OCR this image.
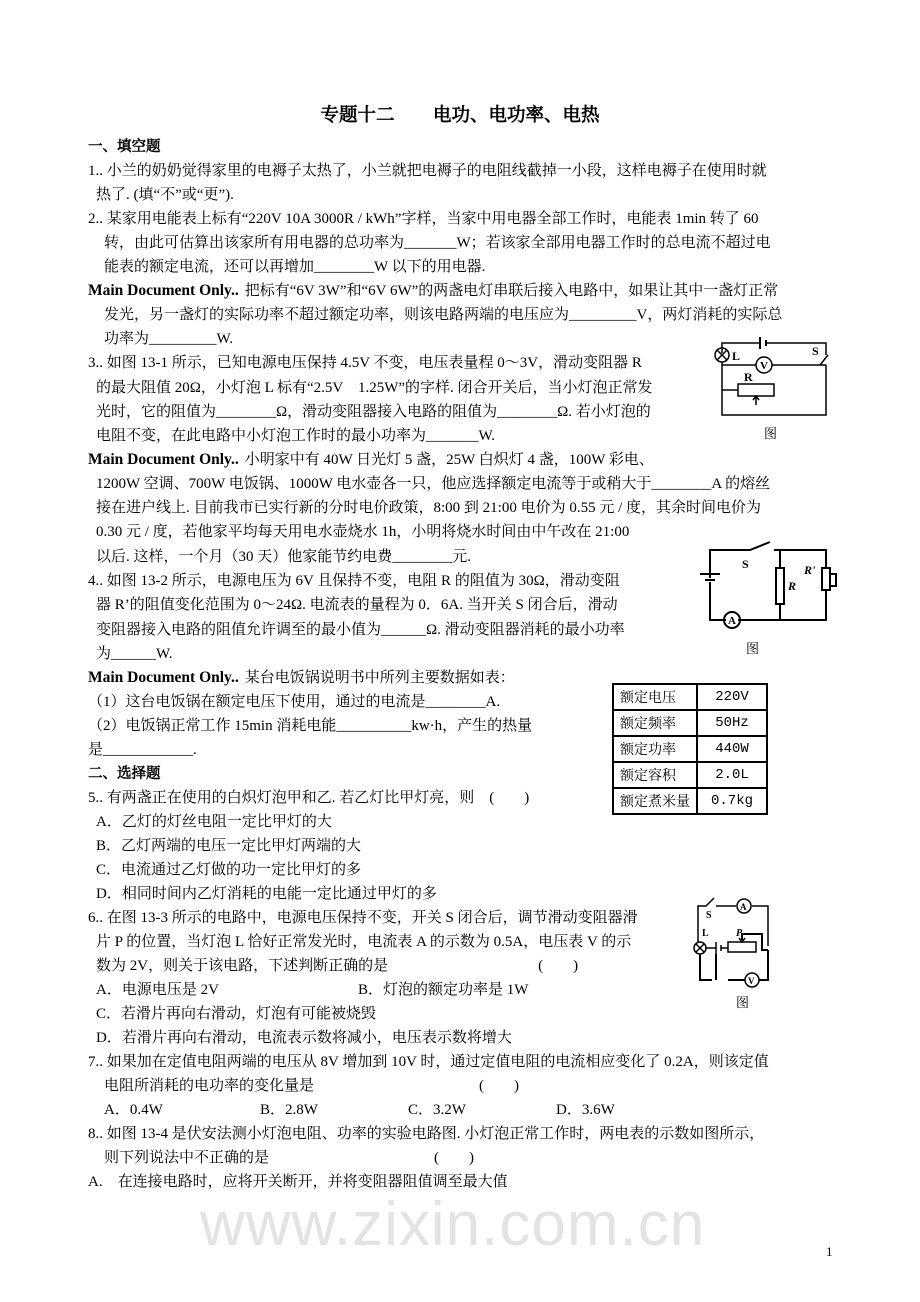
www.zixin.com.cn
专题十二 电功、电功率、电热
一、填空题
1.. 小兰的奶奶觉得家里的电褥子太热了，小兰就把电褥子的电阻线截掉一小段，这样电褥子在使用时就
热了. (填“不”或“更”).
2.. 某家用电能表上标有“220V 10A 3000R / kWh”字样，当家中用电器全部工作时，电能表 1min 转了 60
转，由此可估算出该家所有用电器的总功率为_______W；若该家全部用电器工作时的总电流不超过电
能表的额定电流，还可以再增加________W 以下的用电器.
Main Document Only.. 把标有“6V 3W”和“6V 6W”的两盏电灯串联后接入电路中，如果让其中一盏灯正常
发光，另一盏灯的实际功率不超过额定功率，则该电路两端的电压应为_________V，两灯消耗的实际总
功率为_________W.
3.. 如图 13-1 所示，已知电源电压保持 4.5V 不变，电压表量程 0～3V，滑动变阻器 R
的最大阻值 20Ω，小灯泡 L 标有“2.5V　1.25W”的字样. 闭合开关后，当小灯泡正常发
光时，它的阻值为________Ω，滑动变阻器接入电路的阻值为________Ω. 若小灯泡的
电阻不变，在此电路中小灯泡工作时的最小功率为_______W.
Main Document Only.. 小明家中有 40W 日光灯 5 盏，25W 白炽灯 4 盏，100W 彩电、
1200W 空调、700W 电饭锅、1000W 电水壶各一只，他应选择额定电流等于或稍大于________A 的熔丝
接在进户线上. 目前我市已实行新的分时电价政策，8:00 到 21:00 电价为 0.55 元 / 度，其余时间电价为
0.30 元 / 度，若他家平均每天用电水壶烧水 1h，小明将烧水时间由中午改在 21:00
以后. 这样，一个月（30 天）他家能节约电费________元.
4.. 如图 13-2 所示，电源电压为 6V 且保持不变，电阻 R 的阻值为 30Ω，滑动变阻
器 R’的阻值变化范围为 0～24Ω. 电流表的量程为 0．6A. 当开关 S 闭合后，滑动
变阻器接入电路的阻值允许调至的最小值为______Ω. 滑动变阻器消耗的最小功率
为______W.
Main Document Only.. 某台电饭锅说明书中所列主要数据如表：
（1）这台电饭锅在额定电压下使用，通过的电流是________A.
（2）电饭锅正常工作 15min 消耗电能__________kw·h，产生的热量
是____________.
二、选择题
5.. 有两盏正在使用的白炽灯泡甲和乙. 若乙灯比甲灯亮，则　(　　)
A．乙灯的灯丝电阻一定比甲灯的大
B．乙灯两端的电压一定比甲灯两端的大
C．电流通过乙灯做的功一定比甲灯的多
D．相同时间内乙灯消耗的电能一定比通过甲灯的多
6.. 在图 13-3 所示的电路中，电源电压保持不变，开关 S 闭合后，调节滑动变阻器滑
片 P 的位置，当灯泡 L 恰好正常发光时，电流表 A 的示数为 0.5A，电压表 V 的示
数为 2V，则关于该电路，下述判断正确的是　　　　　　　　　　(　　)
A．电源电压是 2V	B．灯泡的额定功率是 1W
C．若滑片再向右滑动，灯泡有可能被烧毁
D．若滑片再向右滑动，电流表示数将减小，电压表示数将增大
7.. 如果加在定值电阻两端的电压从 8V 增加到 10V 时，通过定值电阻的电流相应变化了 0.2A，则该定值
电阻所消耗的电功率的变化量是　　　　　　　　　　　(　　)
A．0.4W	B．2.8W	C．3.2W	D．3.6W
8.. 如图 13-4 是伏安法测小灯泡电阻、功率的实验电路图. 小灯泡正常工作时，两电表的示数如图所示，
则下列说法中不正确的是　　　　　　　　　　　(　　)
A.　在连接电路时，应将开关断开，并将变阻器阻值调至最大值
额定电压	220V
额定频率	50Hz
额定功率	440W
额定容积	2.0L
额定煮米量	0.7kg
L	S
V
R
图
S
R
R'
A
图
S
A
L	P
V
图
1
